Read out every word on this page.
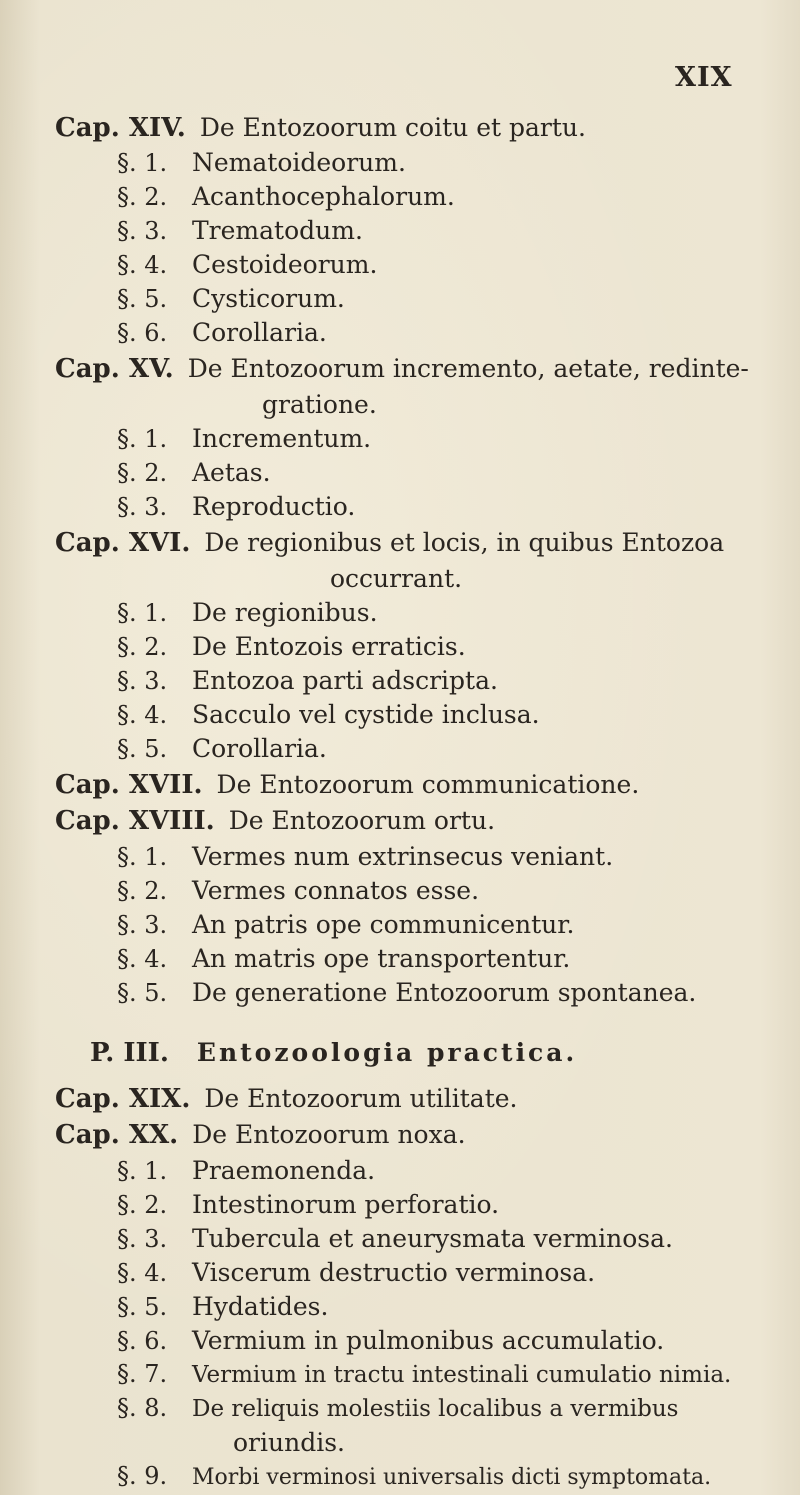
XIX
Cap. XIV. De Entozoorum coitu et partu.
§. 1. Nematoideorum.
§. 2. Acanthocephalorum.
§. 3. Trematodum.
§. 4. Cestoideorum.
§. 5. Cysticorum.
§. 6. Corollaria.
Cap. XV. De Entozoorum incremento, aetate, redinte-
gratione.
§. 1. Incrementum.
§. 2. Aetas.
§. 3. Reproductio.
Cap. XVI. De regionibus et locis, in quibus Entozoa
occurrant.
§. 1. De regionibus.
§. 2. De Entozois erraticis.
§. 3. Entozoa parti adscripta.
§. 4. Sacculo vel cystide inclusa.
§. 5. Corollaria.
Cap. XVII. De Entozoorum communicatione.
Cap. XVIII. De Entozoorum ortu.
§. 1. Vermes num extrinsecus veniant.
§. 2. Vermes connatos esse.
§. 3. An patris ope communicentur.
§. 4. An matris ope transportentur.
§. 5. De generatione Entozoorum spontanea.
P. III. Entozoologia practica.
Cap. XIX. De Entozoorum utilitate.
Cap. XX. De Entozoorum noxa.
§. 1. Praemonenda.
§. 2. Intestinorum perforatio.
§. 3. Tubercula et aneurysmata verminosa.
§. 4. Viscerum destructio verminosa.
§. 5. Hydatides.
§. 6. Vermium in pulmonibus accumulatio.
§. 7. Vermium in tractu intestinali cumulatio nimia.
§. 8. De reliquis molestiis localibus a vermibus
oriundis.
§. 9. Morbi verminosi universalis dicti symptomata.
